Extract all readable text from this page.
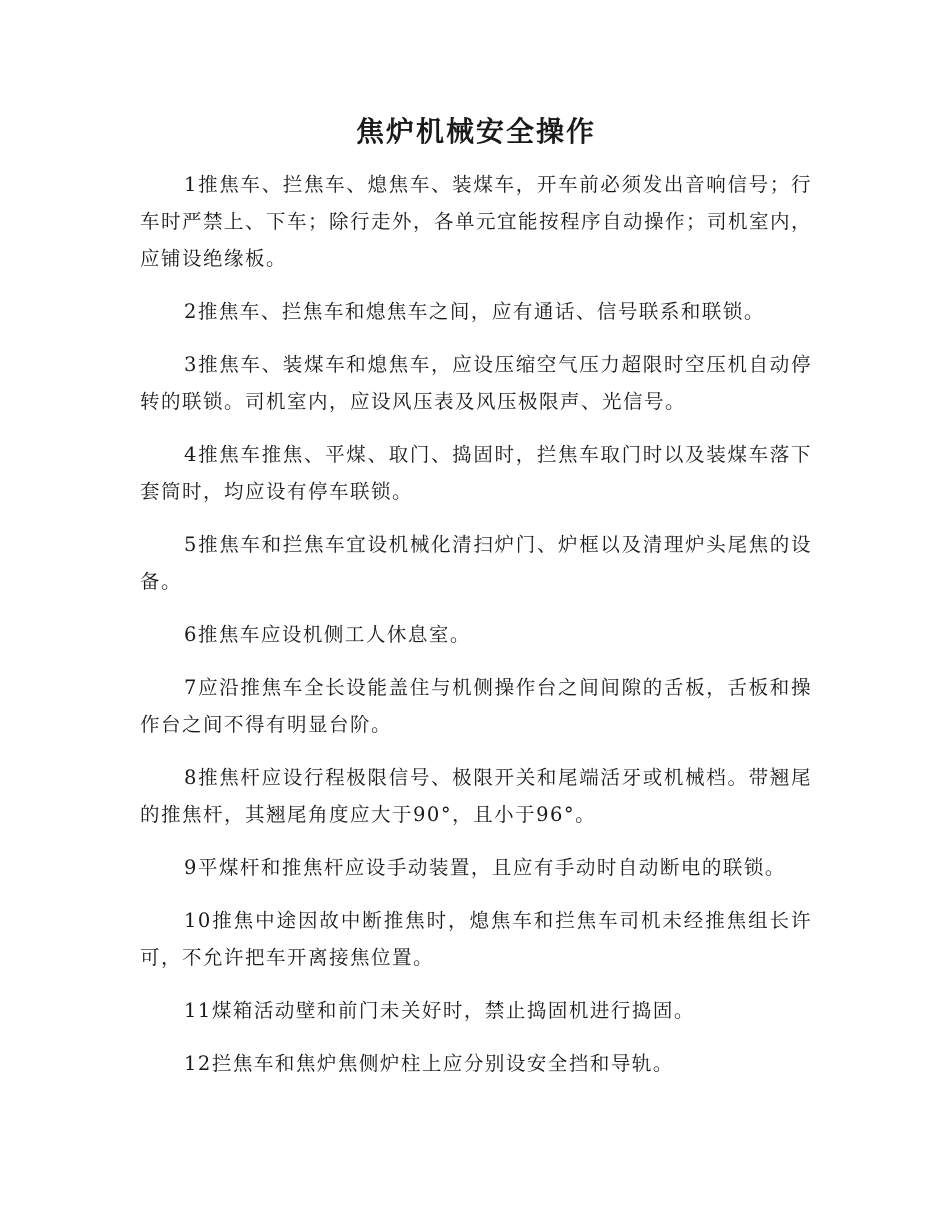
焦炉机械安全操作

1推焦车、拦焦车、熄焦车、装煤车，开车前必须发出音响信号；行车时严禁上、下车；除行走外，各单元宜能按程序自动操作；司机室内，应铺设绝缘板。

2推焦车、拦焦车和熄焦车之间，应有通话、信号联系和联锁。

3推焦车、装煤车和熄焦车，应设压缩空气压力超限时空压机自动停转的联锁。司机室内，应设风压表及风压极限声、光信号。

4推焦车推焦、平煤、取门、捣固时，拦焦车取门时以及装煤车落下套筒时，均应设有停车联锁。

5推焦车和拦焦车宜设机械化清扫炉门、炉框以及清理炉头尾焦的设备。

6推焦车应设机侧工人休息室。

7应沿推焦车全长设能盖住与机侧操作台之间间隙的舌板，舌板和操作台之间不得有明显台阶。

8推焦杆应设行程极限信号、极限开关和尾端活牙或机械档。带翘尾的推焦杆，其翘尾角度应大于90°，且小于96°。

9平煤杆和推焦杆应设手动装置，且应有手动时自动断电的联锁。

10推焦中途因故中断推焦时，熄焦车和拦焦车司机未经推焦组长许可，不允许把车开离接焦位置。

11煤箱活动壁和前门未关好时，禁止捣固机进行捣固。

12拦焦车和焦炉焦侧炉柱上应分别设安全挡和导轨。
